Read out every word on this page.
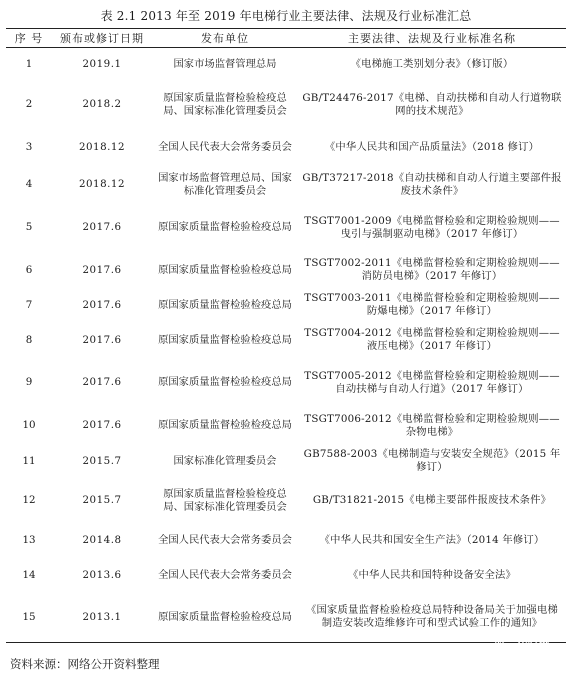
表 2.1 2013 年至 2019 年电梯行业主要法律、法规及行业标准汇总
序 号	颁布或修订日期	发布单位	主要法律、法规及行业标准名称
1	2019.1	国家市场监督管理总局	《电梯施工类别划分表》（修订版）
2	2018.2	原国家质量监督检验检疫总局、国家标准化管理委员会	GB/T24476-2017《电梯、自动扶梯和自动人行道物联网的技术规范》
3	2018.12	全国人民代表大会常务委员会	《中华人民共和国产品质量法》（2018 修订）
4	2018.12	国家市场监督管理总局、国家标准化管理委员会	GB/T37217-2018《自动扶梯和自动人行道主要部件报废技术条件》
5	2017.6	原国家质量监督检验检疫总局	TSGT7001-2009《电梯监督检验和定期检验规则——曳引与强制驱动电梯》（2017 年修订）
6	2017.6	原国家质量监督检验检疫总局	TSGT7002-2011《电梯监督检验和定期检验规则——消防员电梯》（2017 年修订）
7	2017.6	原国家质量监督检验检疫总局	TSGT7003-2011《电梯监督检验和定期检验规则——防爆电梯》（2017 年修订）
8	2017.6	原国家质量监督检验检疫总局	TSGT7004-2012《电梯监督检验和定期检验规则——液压电梯》（2017 年修订）
9	2017.6	原国家质量监督检验检疫总局	TSGT7005-2012《电梯监督检验和定期检验规则——自动扶梯与自动人行道》（2017 年修订）
10	2017.6	原国家质量监督检验检疫总局	TSGT7006-2012《电梯监督检验和定期检验规则——杂物电梯》
11	2015.7	国家标准化管理委员会	GB7588-2003《电梯制造与安装安全规范》（2015 年修订）
12	2015.7	原国家质量监督检验检疫总局、国家标准化管理委员会	GB/T31821-2015《电梯主要部件报废技术条件》
13	2014.8	全国人民代表大会常务委员会	《中华人民共和国安全生产法》（2014 年修订）
14	2013.6	全国人民代表大会常务委员会	《中华人民共和国特种设备安全法》
15	2013.1	原国家质量监督检验检疫总局	《国家质量监督检验检疫总局特种设备局关于加强电梯制造安装改造维修许可和型式试验工作的通知》
资料来源：网络公开资料整理
第一代写网
www.1daixie.com
